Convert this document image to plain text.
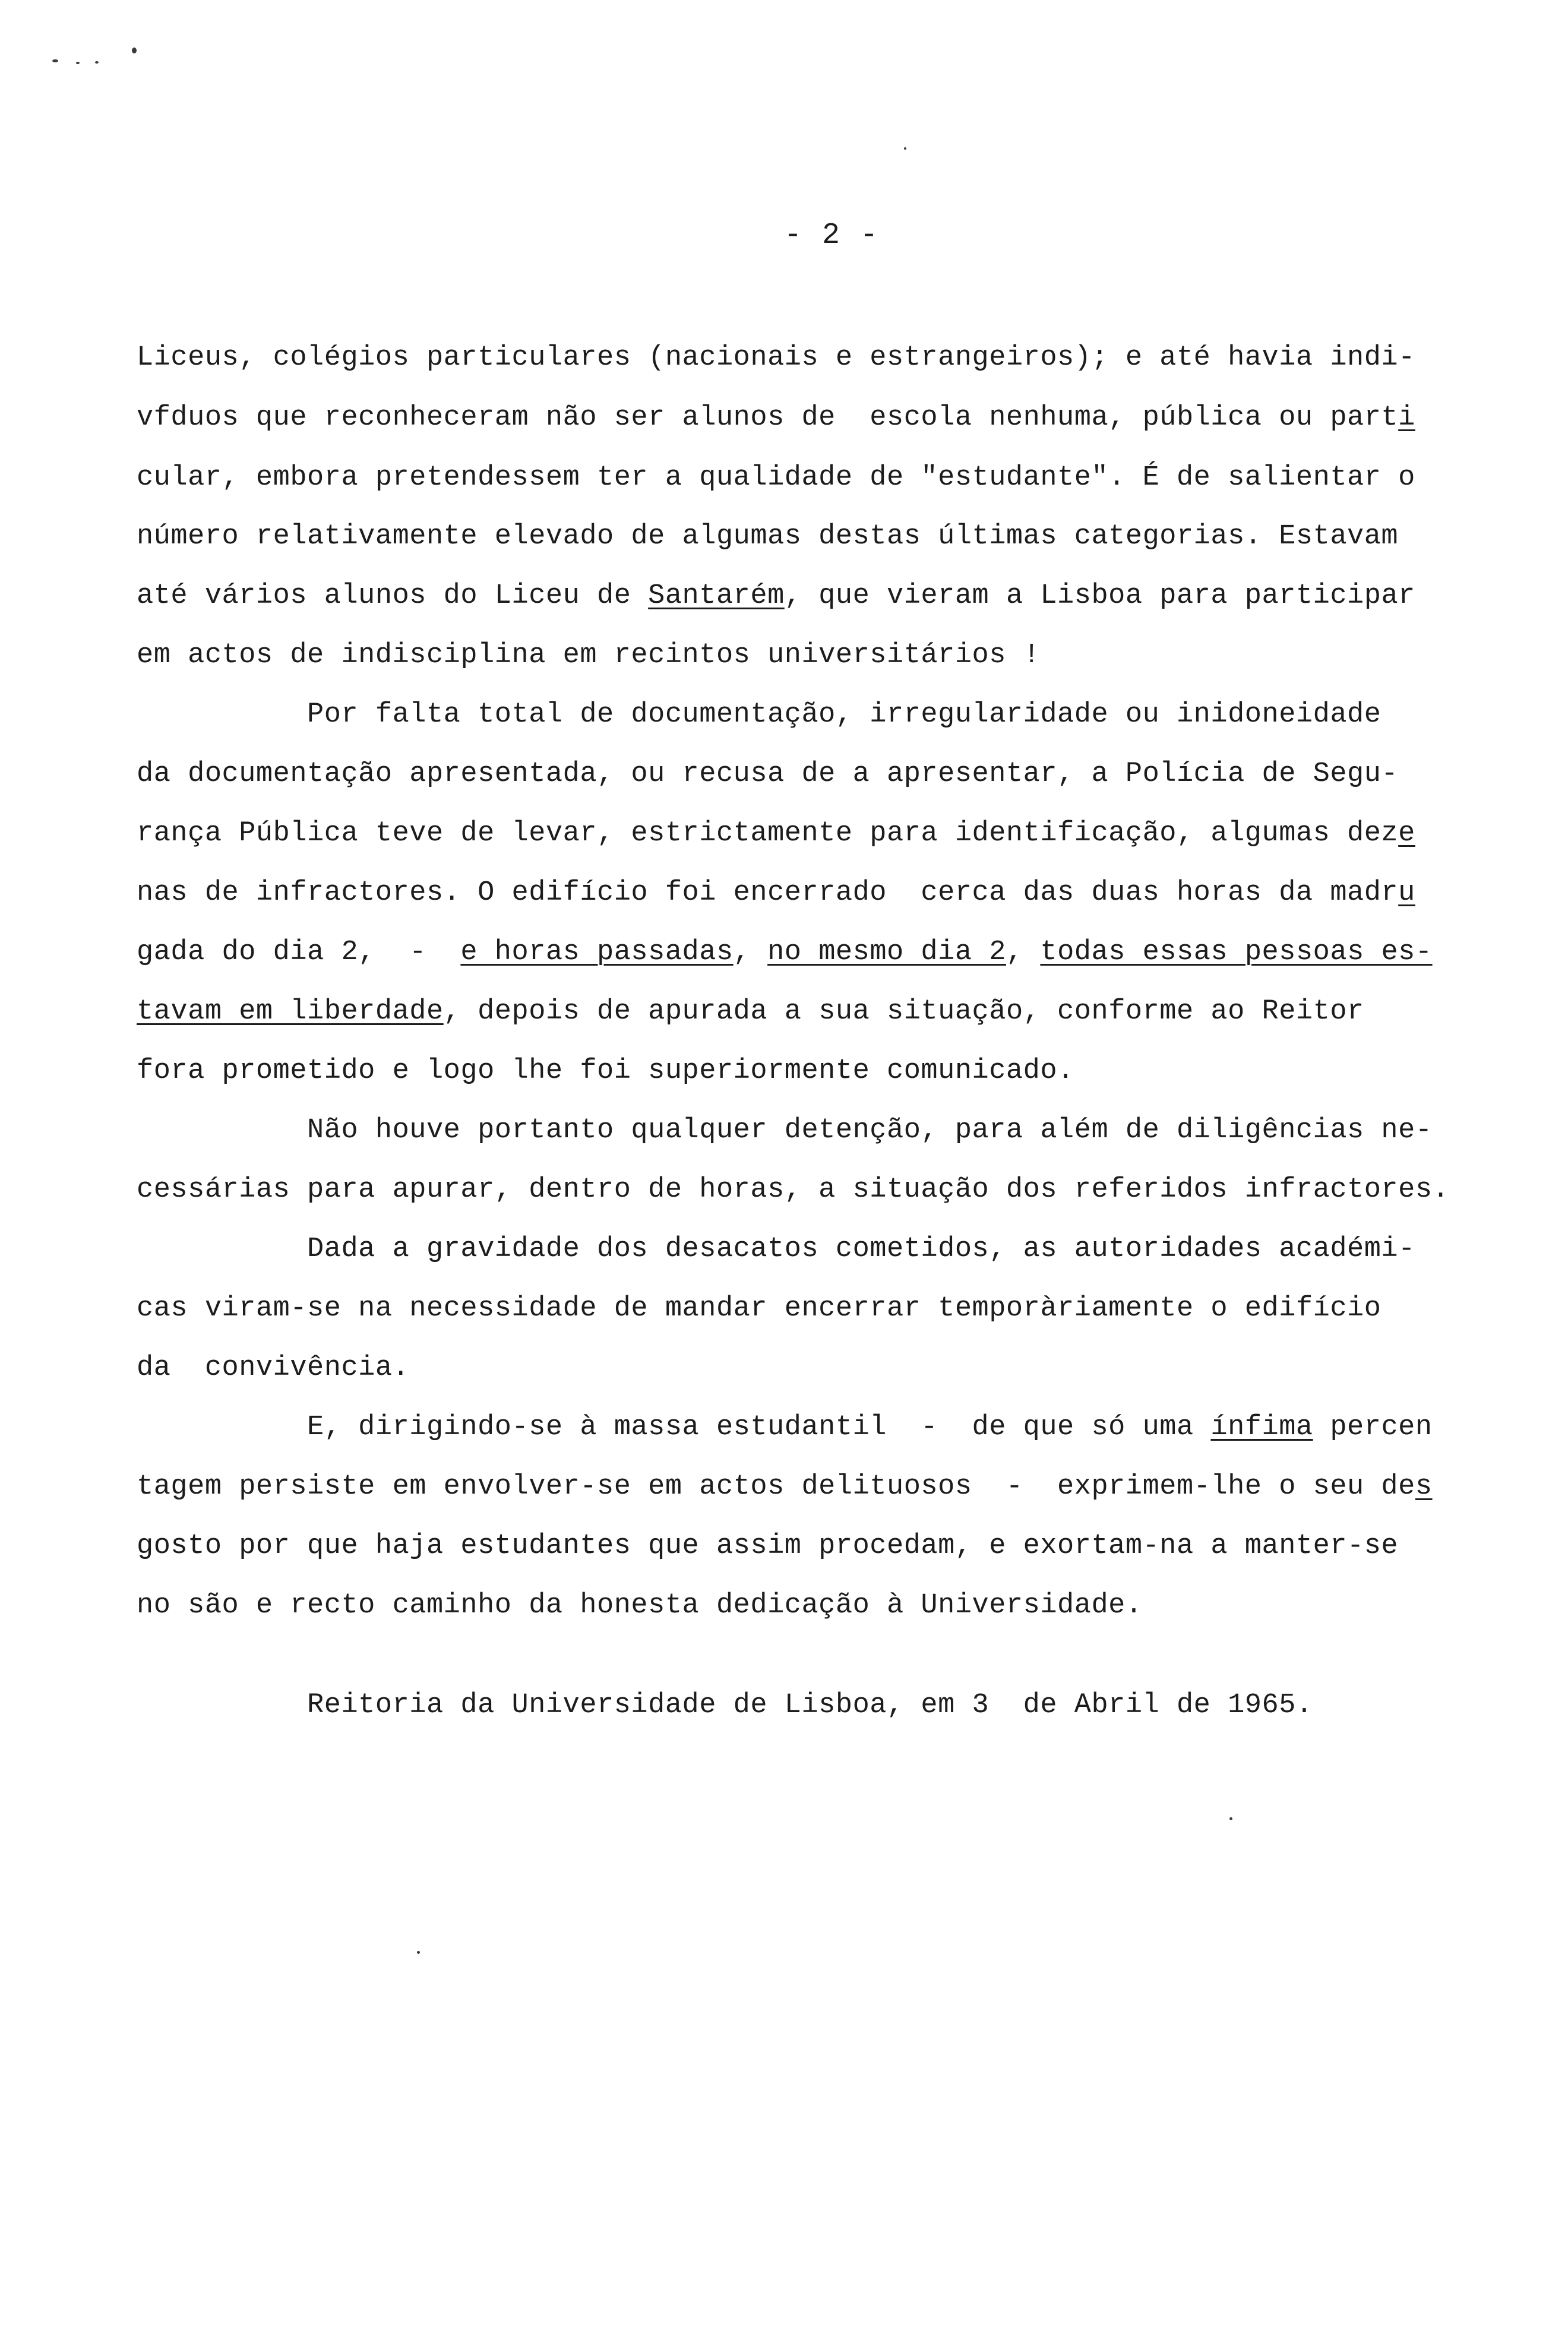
- 2 -
Liceus, colégios particulares (nacionais e estrangeiros); e até havia indi-
vfduos que reconheceram não ser alunos de  escola nenhuma, pública ou parti
cular, embora pretendessem ter a qualidade de "estudante". É de salientar o
número relativamente elevado de algumas destas últimas categorias. Estavam
até vários alunos do Liceu de Santarém, que vieram a Lisboa para participar
em actos de indisciplina em recintos universitários !
Por falta total de documentação, irregularidade ou inidoneidade
da documentação apresentada, ou recusa de a apresentar, a Polícia de Segu-
rança Pública teve de levar, estrictamente para identificação, algumas deze
nas de infractores. O edifício foi encerrado  cerca das duas horas da madru
gada do dia 2,  -  e horas passadas, no mesmo dia 2, todas essas pessoas es-
tavam em liberdade, depois de apurada a sua situação, conforme ao Reitor
fora prometido e logo lhe foi superiormente comunicado.
Não houve portanto qualquer detenção, para além de diligências ne-
cessárias para apurar, dentro de horas, a situação dos referidos infractores.
Dada a gravidade dos desacatos cometidos, as autoridades académi-
cas viram-se na necessidade de mandar encerrar temporàriamente o edifício
da  convivência.
E, dirigindo-se à massa estudantil  -  de que só uma ínfima percen
tagem persiste em envolver-se em actos delituosos  -  exprimem-lhe o seu des
gosto por que haja estudantes que assim procedam, e exortam-na a manter-se
no são e recto caminho da honesta dedicação à Universidade.
Reitoria da Universidade de Lisboa, em 3  de Abril de 1965.
